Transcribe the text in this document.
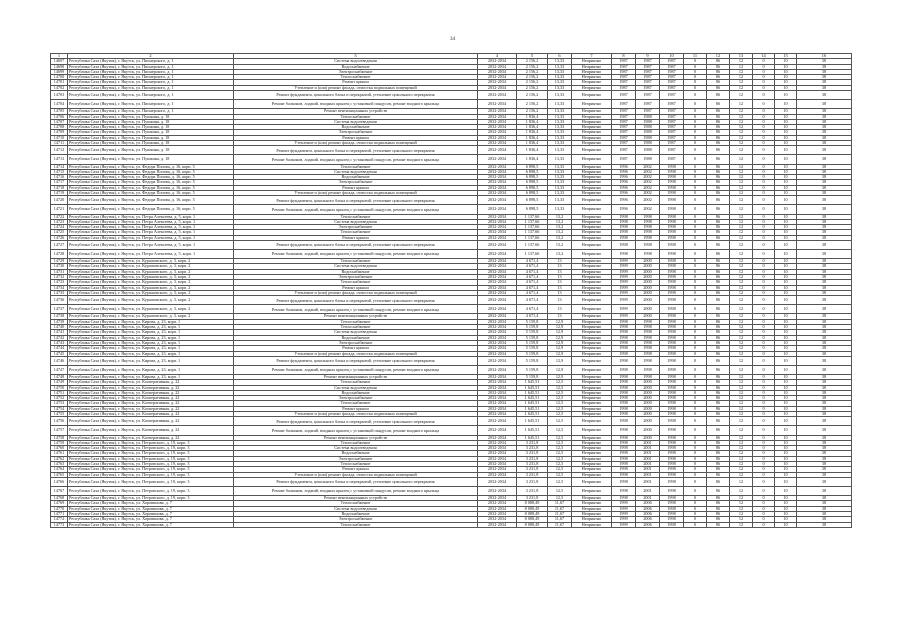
34
1	2	3	4	5	6	7	8	9	10	11	12	13	14	15	16
14697	Республика Саха (Якутия), г. Якутск, ул. Пионерского, д. 1	Система водоотведения	2032-2034	2 156,2	13,33	Неприятно	1987	1987	1987	0	86	12	0	10	38
14698	Республика Саха (Якутия), г. Якутск, ул. Пионерского, д. 1	Водоснабжение	2032-2034	2 156,2	13,33	Неприятно	1987	1987	1987	0	86	12	0	10	38
14699	Республика Саха (Якутия), г. Якутск, ул. Пионерского, д. 1	Электроснабжение	2032-2034	2 156,2	13,33	Неприятно	1987	1987	1987	0	86	12	0	10	38
14700	Республика Саха (Якутия), г. Якутск, ул. Пионерского, д. 1	Теплоснабжение	2032-2034	2 156,2	13,33	Неприятно	1987	1987	1987	0	86	12	0	10	38
14701	Республика Саха (Якутия), г. Якутск, ул. Пионерского, д. 1	Ремонт крыши	2032-2034	2 156,2	13,33	Неприятно	1987	1987	1987	0	86	12	0	10	38
14702	Республика Саха (Якутия), г. Якутск, ул. Пионерского, д. 1	Утепление и (или) ремонт фасада, отмостка подвальных помещений	2032-2034	2 156,2	13,33	Неприятно	1987	1987	1987	0	86	12	0	10	38
14703	Республика Саха (Якутия), г. Якутск, ул. Пионерского, д. 1	Ремонт фундамента, цокольного блока и перекрытий, утепление цокольного перекрытия	2032-2034	2 156,2	13,33	Неприятно	1987	1987	1987	0	86	12	0	10	38
14704	Республика Саха (Якутия), г. Якутск, ул. Пионерского, д. 1	Ремонт балконов, лоджий, входных крылец с установкой пандусов, ремонт входного крыльца	2032-2034	2 156,2	13,33	Неприятно	1987	1987	1987	0	86	12	0	10	38
14705	Республика Саха (Якутия), г. Якутск, ул. Пионерского, д. 1	Ремонт вентиляционных устройств	2032-2034	2 156,2	13,33	Неприятно	1987	1987	1987	0	86	12	0	10	38
14706	Республика Саха (Якутия), г. Якутск, ул. Пушкина, д. 18	Теплоснабжение	2032-2034	1 836,4	13,33	Неприятно	1987	1988	1987	0	86	12	0	10	38
14707	Республика Саха (Якутия), г. Якутск, ул. Пушкина, д. 18	Система водоотведения	2032-2034	1 836,4	13,33	Неприятно	1987	1988	1987	0	86	12	0	10	38
14708	Республика Саха (Якутия), г. Якутск, ул. Пушкина, д. 18	Водоснабжение	2032-2034	1 836,4	13,33	Неприятно	1987	1988	1987	0	86	12	0	10	38
14709	Республика Саха (Якутия), г. Якутск, ул. Пушкина, д. 18	Электроснабжение	2032-2034	1 836,4	13,33	Неприятно	1987	1988	1987	0	86	12	0	10	38
14710	Республика Саха (Якутия), г. Якутск, ул. Пушкина, д. 18	Ремонт крыши	2032-2034	1 836,4	13,33	Неприятно	1987	1988	1987	0	86	12	0	10	38
14711	Республика Саха (Якутия), г. Якутск, ул. Пушкина, д. 18	Утепление и (или) ремонт фасада, отмостка подвальных помещений	2032-2034	1 836,4	13,33	Неприятно	1987	1988	1987	0	86	12	0	10	38
14712	Республика Саха (Якутия), г. Якутск, ул. Пушкина, д. 18	Ремонт фундамента, цокольного блока и перекрытий, утепление цокольного перекрытия	2032-2034	1 836,4	13,33	Неприятно	1987	1988	1987	0	86	12	0	10	38
14713	Республика Саха (Якутия), г. Якутск, ул. Пушкина, д. 18	Ремонт балконов, лоджий, входных крылец с установкой пандусов, ремонт входного крыльца	2032-2034	1 836,4	13,33	Неприятно	1987	1988	1987	0	86	12	0	10	38
14714	Республика Саха (Якутия), г. Якутск, ул. Федора Попова, д. 16, корп. 5	Теплоснабжение	2032-2034	6 898,5	13,33	Неприятно	1996	2002	1998	0	86	12	0	10	38
14715	Республика Саха (Якутия), г. Якутск, ул. Федора Попова, д. 16, корп. 5	Система водоотведения	2032-2034	6 898,5	13,33	Неприятно	1996	2002	1998	0	86	12	0	10	38
14716	Республика Саха (Якутия), г. Якутск, ул. Федора Попова, д. 16, корп. 5	Водоснабжение	2032-2034	6 898,5	13,33	Неприятно	1996	2002	1998	0	86	12	0	10	38
14717	Республика Саха (Якутия), г. Якутск, ул. Федора Попова, д. 16, корп. 5	Электроснабжение	2032-2034	6 898,5	13,33	Неприятно	1996	2002	1998	0	86	12	0	10	38
14718	Республика Саха (Якутия), г. Якутск, ул. Федора Попова, д. 16, корп. 5	Ремонт крыши	2032-2034	6 898,5	13,33	Неприятно	1996	2002	1998	0	86	12	0	10	38
14719	Республика Саха (Якутия), г. Якутск, ул. Федора Попова, д. 16, корп. 5	Утепление и (или) ремонт фасада, отмостка подвальных помещений	2032-2034	6 898,5	13,33	Неприятно	1996	2002	1998	0	86	12	0	10	38
14720	Республика Саха (Якутия), г. Якутск, ул. Федора Попова, д. 16, корп. 5	Ремонт фундамента, цокольного блока и перекрытий, утепление цокольного перекрытия	2032-2034	6 898,5	13,33	Неприятно	1996	2002	1998	0	86	12	0	10	38
14721	Республика Саха (Якутия), г. Якутск, ул. Федора Попова, д. 16, корп. 5	Ремонт балконов, лоджий, входных крылец с установкой пандусов, ремонт входного крыльца	2032-2034	6 898,5	13,33	Неприятно	1996	2002	1998	0	86	12	0	10	38
14722	Республика Саха (Якутия), г. Якутск, ул. Петра Алексеева, д. 5, корп. 1	Теплоснабжение	2032-2034	1 137,66	13,2	Неприятно	1998	1998	1998	0	86	12	0	10	38
14723	Республика Саха (Якутия), г. Якутск, ул. Петра Алексеева, д. 5, корп. 1	Система водоотведения	2032-2034	1 137,66	13,2	Неприятно	1998	1998	1998	0	86	12	0	10	38
14724	Республика Саха (Якутия), г. Якутск, ул. Петра Алексеева, д. 5, корп. 1	Электроснабжение	2032-2034	1 137,66	13,2	Неприятно	1998	1998	1998	0	86	12	0	10	38
14725	Республика Саха (Якутия), г. Якутск, ул. Петра Алексеева, д. 5, корп. 1	Теплоснабжение	2032-2034	1 137,66	13,2	Неприятно	1998	1998	1998	0	86	12	0	10	38
14726	Республика Саха (Якутия), г. Якутск, ул. Петра Алексеева, д. 5, корп. 1	Ремонт крыши	2032-2034	1 137,66	13,2	Неприятно	1998	1998	1998	0	86	12	0	10	38
14727	Республика Саха (Якутия), г. Якутск, ул. Петра Алексеева, д. 5, корп. 1	Ремонт фундамента, цокольного блока и перекрытий, утепление цокольного перекрытия	2032-2034	1 137,66	13,2	Неприятно	1998	1998	1998	0	86	12	0	10	38
14728	Республика Саха (Якутия), г. Якутск, ул. Петра Алексеева, д. 5, корп. 1	Ремонт балконов, лоджий, входных крылец с установкой пандусов, ремонт входного крыльца	2032-2034	1 137,66	13,2	Неприятно	1998	1998	1998	0	86	12	0	10	38
14729	Республика Саха (Якутия), г. Якутск, ул. Курашовского, д. 3, корп. 2	Теплоснабжение	2032-2034	4 671,4	13	Неприятно	1999	2000	1998	0	86	12	0	10	38
14730	Республика Саха (Якутия), г. Якутск, ул. Курашовского, д. 3, корп. 2	Система водоотведения	2032-2034	4 671,4	13	Неприятно	1999	2000	1998	0	86	12	0	10	38
14731	Республика Саха (Якутия), г. Якутск, ул. Курашовского, д. 3, корп. 2	Водоснабжение	2032-2034	4 671,4	13	Неприятно	1999	2000	1998	0	86	12	0	10	38
14732	Республика Саха (Якутия), г. Якутск, ул. Курашовского, д. 3, корп. 2	Электроснабжение	2032-2034	4 671,4	13	Неприятно	1999	2000	1998	0	86	12	0	10	38
14733	Республика Саха (Якутия), г. Якутск, ул. Курашовского, д. 3, корп. 2	Теплоснабжение	2032-2034	4 671,4	13	Неприятно	1999	2000	1998	0	86	12	0	10	38
14734	Республика Саха (Якутия), г. Якутск, ул. Курашовского, д. 3, корп. 2	Ремонт крыши	2032-2034	4 671,4	13	Неприятно	1999	2000	1998	0	86	12	0	10	38
14735	Республика Саха (Якутия), г. Якутск, ул. Курашовского, д. 3, корп. 2	Утепление и (или) ремонт фасада, отмостка подвальных помещений	2032-2034	4 671,4	13	Неприятно	1999	2000	1998	0	86	12	0	10	38
14736	Республика Саха (Якутия), г. Якутск, ул. Курашовского, д. 3, корп. 2	Ремонт фундамента, цокольного блока и перекрытий, утепление цокольного перекрытия	2032-2034	4 671,4	13	Неприятно	1999	2000	1998	0	86	12	0	10	38
14737	Республика Саха (Якутия), г. Якутск, ул. Курашовского, д. 3, корп. 2	Ремонт балконов, лоджий, входных крылец с установкой пандусов, ремонт входного крыльца	2032-2034	4 671,4	13	Неприятно	1999	2000	1998	0	86	12	0	10	38
14738	Республика Саха (Якутия), г. Якутск, ул. Курашовского, д. 3, корп. 2	Ремонт вентиляционных устройств	2032-2034	4 671,4	13	Неприятно	1999	2000	1998	0	86	12	0	10	38
14739	Республика Саха (Якутия), г. Якутск, ул. Кирова, д. 23, корп. 1	Теплоснабжение	2032-2034	5 159,8	12,9	Неприятно	1998	1998	1998	0	86	12	0	10	38
14740	Республика Саха (Якутия), г. Якутск, ул. Кирова, д. 23, корп. 1	Теплоснабжение	2032-2034	5 159,8	12,9	Неприятно	1998	1998	1998	0	86	12	0	10	38
14741	Республика Саха (Якутия), г. Якутск, ул. Кирова, д. 23, корп. 1	Система водоотведения	2032-2034	5 159,8	12,9	Неприятно	1998	1998	1998	0	86	12	0	10	38
14742	Республика Саха (Якутия), г. Якутск, ул. Кирова, д. 23, корп. 1	Водоснабжение	2032-2034	5 159,8	12,9	Неприятно	1998	1998	1998	0	86	12	0	10	38
14743	Республика Саха (Якутия), г. Якутск, ул. Кирова, д. 23, корп. 1	Электроснабжение	2032-2034	5 159,8	12,9	Неприятно	1998	1998	1998	0	86	12	0	10	38
14744	Республика Саха (Якутия), г. Якутск, ул. Кирова, д. 23, корп. 1	Ремонт крыши	2032-2034	5 159,8	12,9	Неприятно	1998	1998	1998	0	86	12	0	10	38
14745	Республика Саха (Якутия), г. Якутск, ул. Кирова, д. 23, корп. 1	Утепление и (или) ремонт фасада, отмостка подвальных помещений	2032-2034	5 159,8	12,9	Неприятно	1998	1998	1998	0	86	12	0	10	38
14746	Республика Саха (Якутия), г. Якутск, ул. Кирова, д. 23, корп. 1	Ремонт фундамента, цокольного блока и перекрытий, утепление цокольного перекрытия	2032-2034	5 159,8	12,9	Неприятно	1998	1998	1998	0	86	12	0	10	38
14747	Республика Саха (Якутия), г. Якутск, ул. Кирова, д. 23, корп. 1	Ремонт балконов, лоджий, входных крылец с установкой пандусов, ремонт входного крыльца	2032-2034	5 159,8	12,9	Неприятно	1998	1998	1998	0	86	12	0	10	38
14748	Республика Саха (Якутия), г. Якутск, ул. Кирова, д. 23, корп. 1	Ремонт вентиляционных устройств	2032-2034	5 159,8	12,9	Неприятно	1998	1998	1998	0	86	12	0	10	38
14749	Республика Саха (Якутия), г. Якутск, ул. Кооперативная, д. 22	Теплоснабжение	2032-2034	1 645,51	12,5	Неприятно	1998	2000	1998	0	86	12	0	10	38
14750	Республика Саха (Якутия), г. Якутск, ул. Кооперативная, д. 22	Система водоотведения	2032-2034	1 645,51	12,5	Неприятно	1998	2000	1998	0	86	12	0	10	38
14751	Республика Саха (Якутия), г. Якутск, ул. Кооперативная, д. 22	Водоснабжение	2032-2034	1 645,51	12,5	Неприятно	1998	2000	1998	0	86	12	0	10	38
14752	Республика Саха (Якутия), г. Якутск, ул. Кооперативная, д. 22	Электроснабжение	2032-2034	1 645,51	12,5	Неприятно	1998	2000	1998	0	86	12	0	10	38
14753	Республика Саха (Якутия), г. Якутск, ул. Кооперативная, д. 22	Теплоснабжение	2032-2034	1 645,51	12,5	Неприятно	1998	2000	1998	0	86	12	0	10	38
14754	Республика Саха (Якутия), г. Якутск, ул. Кооперативная, д. 22	Ремонт крыши	2032-2034	1 645,51	12,5	Неприятно	1998	2000	1998	0	86	12	0	10	38
14755	Республика Саха (Якутия), г. Якутск, ул. Кооперативная, д. 22	Утепление и (или) ремонт фасада, отмостка подвальных помещений	2032-2034	1 645,51	12,5	Неприятно	1998	2000	1998	0	86	12	0	10	38
14756	Республика Саха (Якутия), г. Якутск, ул. Кооперативная, д. 22	Ремонт фундамента, цокольного блока и перекрытий, утепление цокольного перекрытия	2032-2034	1 645,51	12,5	Неприятно	1998	2000	1998	0	86	12	0	10	38
14757	Республика Саха (Якутия), г. Якутск, ул. Кооперативная, д. 22	Ремонт балконов, лоджий, входных крылец с установкой пандусов, ремонт входного крыльца	2032-2034	1 645,51	12,5	Неприятно	1998	2000	1998	0	86	12	0	10	38
14758	Республика Саха (Якутия), г. Якутск, ул. Кооперативная, д. 22	Ремонт вентиляционных устройств	2032-2034	1 645,51	12,5	Неприятно	1998	2000	1998	0	86	12	0	10	38
14759	Республика Саха (Якутия), г. Якутск, ул. Петровского, д. 19, корп. 3	Теплоснабжение	2032-2034	3 231,8	12,5	Неприятно	1998	2001	1998	0	86	12	0	10	38
14760	Республика Саха (Якутия), г. Якутск, ул. Петровского, д. 19, корп. 3	Система водоотведения	2032-2034	3 231,8	12,5	Неприятно	1998	2001	1998	0	86	12	0	10	38
14761	Республика Саха (Якутия), г. Якутск, ул. Петровского, д. 19, корп. 3	Водоснабжение	2032-2034	3 231,8	12,5	Неприятно	1998	2001	1998	0	86	12	0	10	38
14762	Республика Саха (Якутия), г. Якутск, ул. Петровского, д. 19, корп. 3	Электроснабжение	2032-2034	3 231,8	12,5	Неприятно	1998	2001	1998	0	86	12	0	10	38
14763	Республика Саха (Якутия), г. Якутск, ул. Петровского, д. 19, корп. 3	Теплоснабжение	2032-2034	3 231,8	12,5	Неприятно	1998	2001	1998	0	86	12	0	10	38
14764	Республика Саха (Якутия), г. Якутск, ул. Петровского, д. 19, корп. 3	Ремонт крыши	2032-2034	3 231,8	12,5	Неприятно	1998	2001	1998	0	86	12	0	10	38
14765	Республика Саха (Якутия), г. Якутск, ул. Петровского, д. 19, корп. 3	Утепление и (или) ремонт фасада, отмостка подвальных помещений	2032-2034	3 231,8	12,5	Неприятно	1998	2001	1998	0	86	12	0	10	38
14766	Республика Саха (Якутия), г. Якутск, ул. Петровского, д. 19, корп. 3	Ремонт фундамента, цокольного блока и перекрытий, утепление цокольного перекрытия	2032-2034	3 231,8	12,5	Неприятно	1998	2001	1998	0	86	12	0	10	38
14767	Республика Саха (Якутия), г. Якутск, ул. Петровского, д. 19, корп. 3	Ремонт балконов, лоджий, входных крылец с установкой пандусов, ремонт входного крыльца	2032-2034	3 231,8	12,5	Неприятно	1998	2001	1998	0	86	12	0	10	38
14768	Республика Саха (Якутия), г. Якутск, ул. Петровского, д. 19, корп. 3	Ремонт вентиляционных устройств	2032-2034	3 231,8	12,5	Неприятно	1998	2001	1998	0	86	12	0	10	38
14769	Республика Саха (Якутия), г. Якутск, ул. Хоровинова, д. 7	Теплоснабжение	2032-2034	8 088,49	11,67	Неприятно	1999	2006	1998	0	86	12	0	10	38
14770	Республика Саха (Якутия), г. Якутск, ул. Хоровинова, д. 7	Система водоотведения	2032-2034	8 088,49	11,67	Неприятно	1999	2006	1998	0	86	12	0	10	38
14771	Республика Саха (Якутия), г. Якутск, ул. Хоровинова, д. 7	Водоснабжение	2032-2034	8 088,49	11,67	Неприятно	1999	2006	1998	0	86	12	0	10	38
14772	Республика Саха (Якутия), г. Якутск, ул. Хоровинова, д. 7	Электроснабжение	2032-2034	8 088,49	11,67	Неприятно	1999	2006	1998	0	86	12	0	10	38
14773	Республика Саха (Якутия), г. Якутск, ул. Хоровинова, д. 7	Теплоснабжение	2032-2034	8 088,49	11,67	Неприятно	1999	2006	1998	0	86	12	0	10	38
